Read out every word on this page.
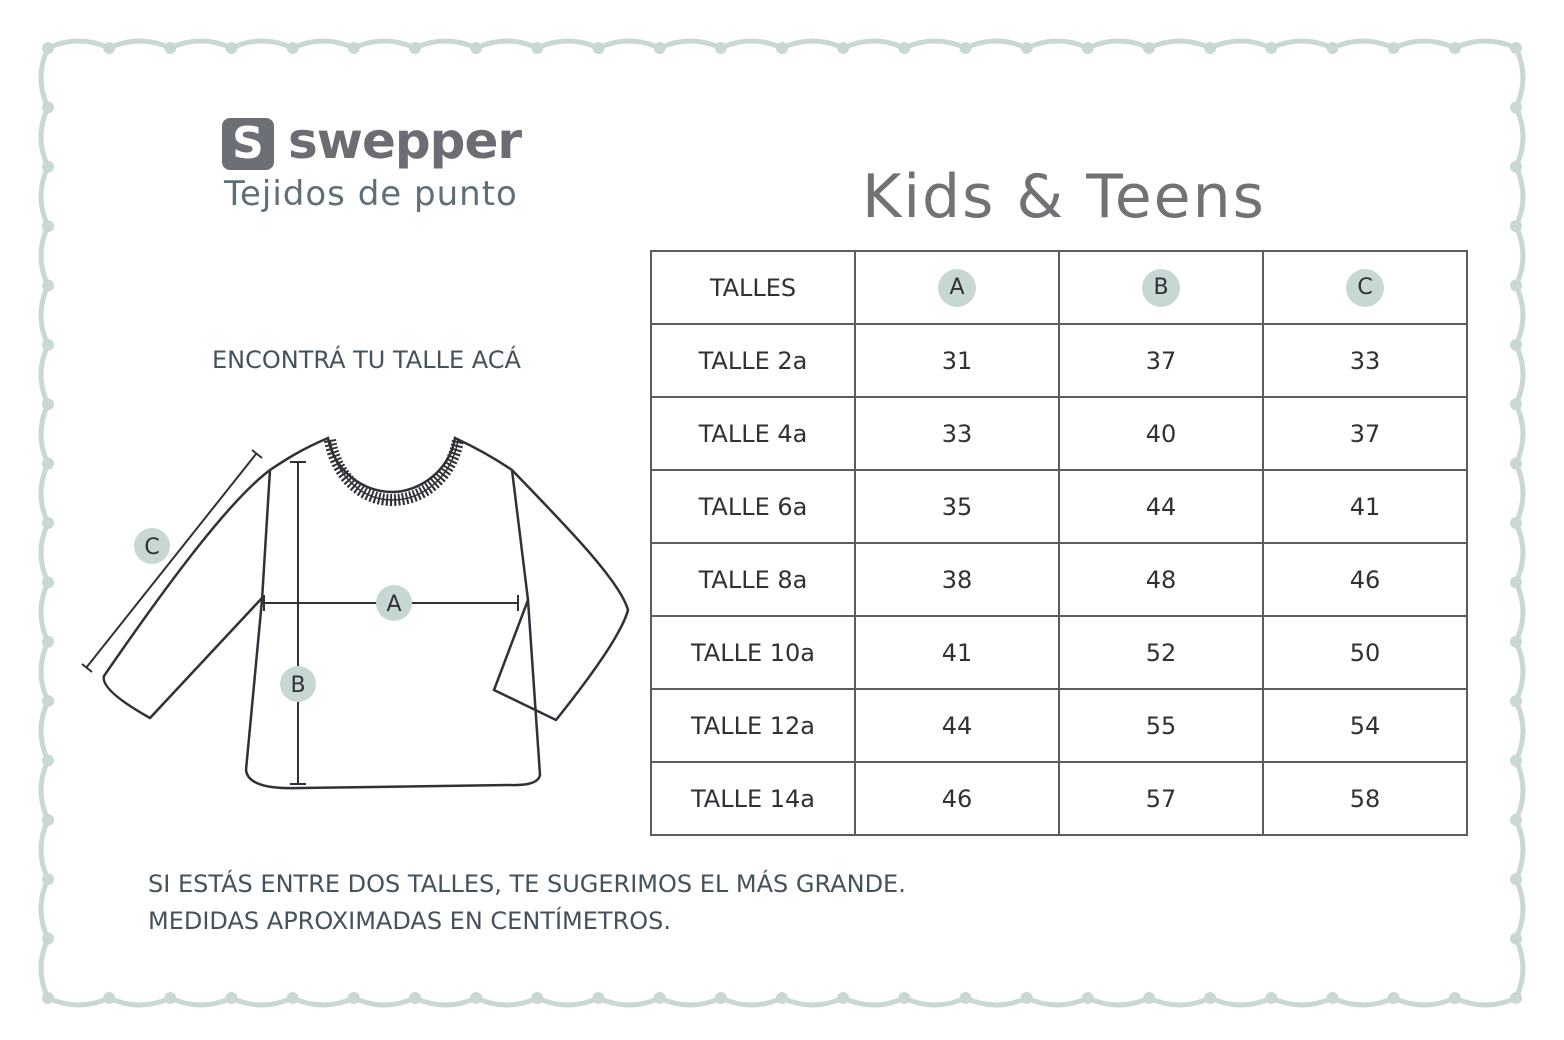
S swepper
Tejidos de punto	Kids & Teens
ENCONTRÁ TU TALLE ACÁ
C
A
B
TALLES	A	B	C
TALLE 2a	31	37	33
TALLE 4a	33	40	37
TALLE 6a	35	44	41
TALLE 8a	38	48	46
TALLE 10a	41	52	50
TALLE 12a	44	55	54
TALLE 14a	46	57	58
SI ESTÁS ENTRE DOS TALLES, TE SUGERIMOS EL MÁS GRANDE.
MEDIDAS APROXIMADAS EN CENTÍMETROS.
